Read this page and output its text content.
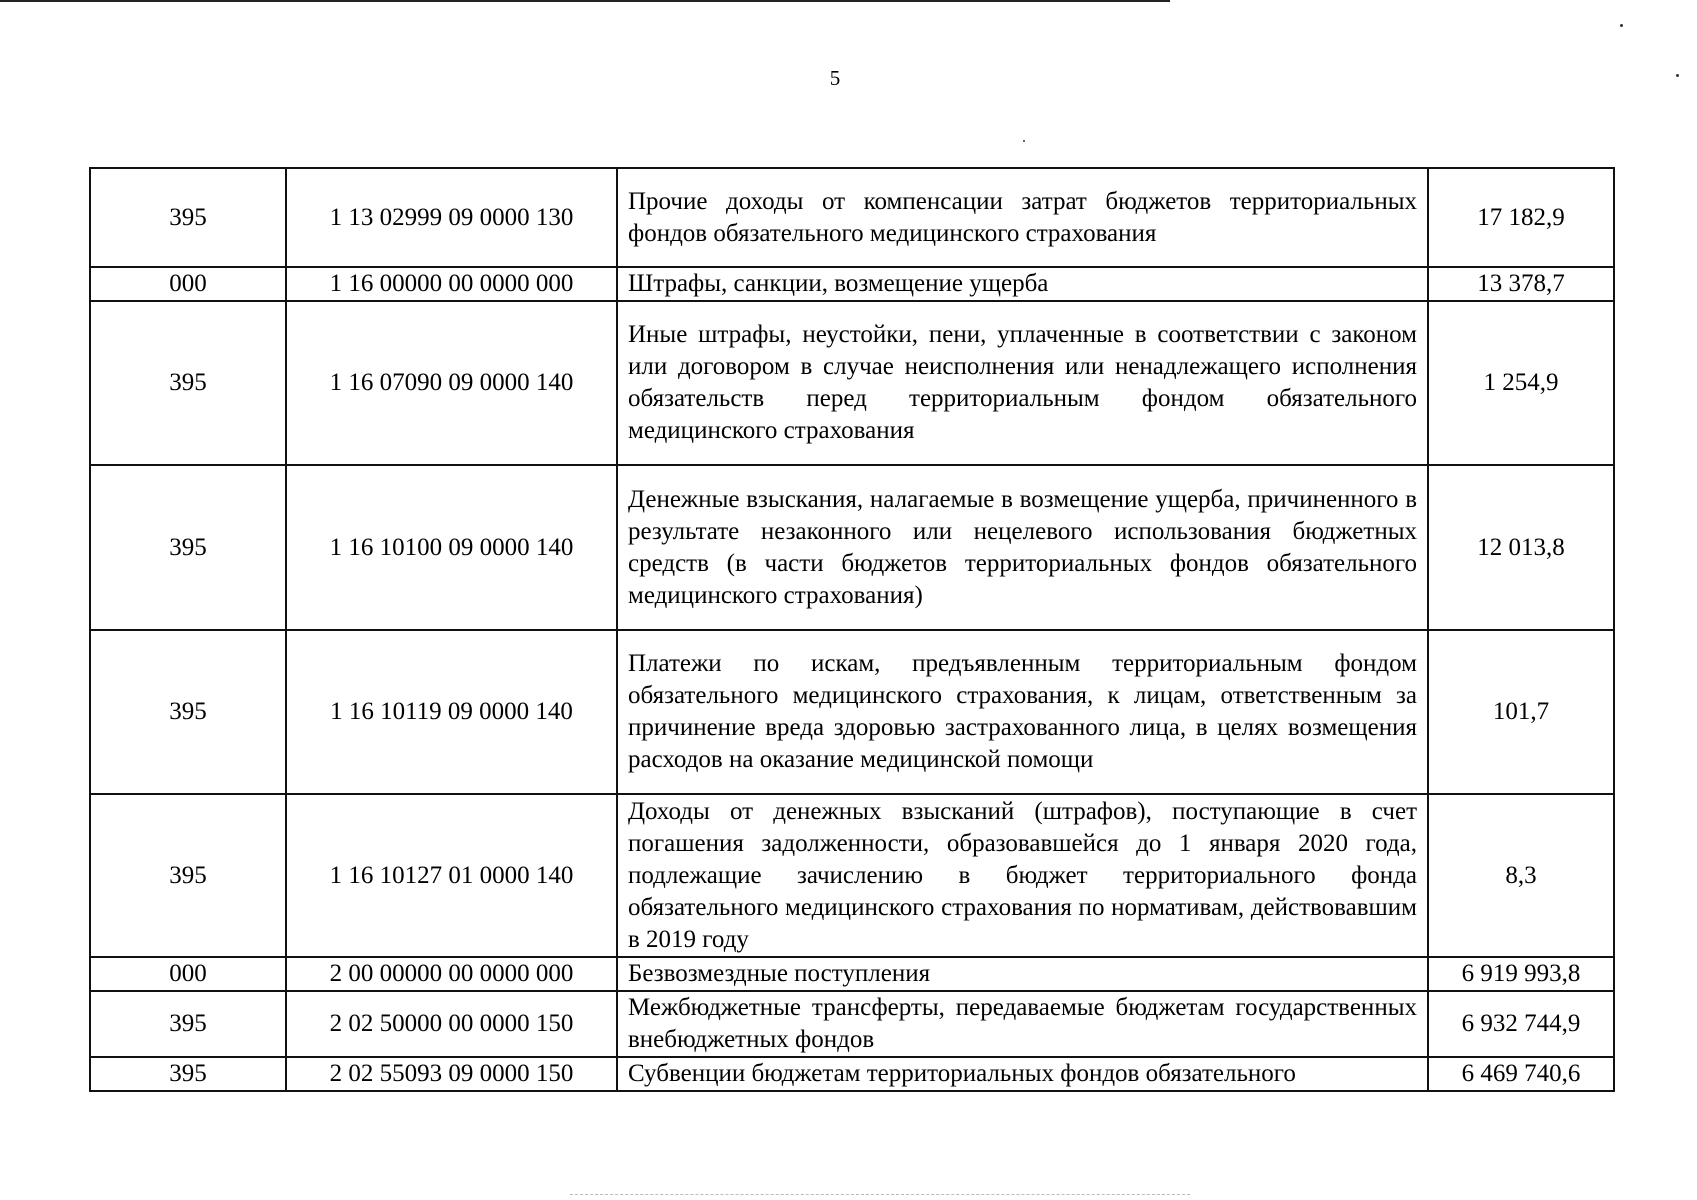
5
395	1 13 02999 09 0000 130	Прочие доходы от компенсации затрат бюджетов территориальных фондов обязательного медицинского страхования	17 182,9
000	1 16 00000 00 0000 000	Штрафы, санкции, возмещение ущерба	13 378,7
395	1 16 07090 09 0000 140	Иные штрафы, неустойки, пени, уплаченные в соответствии с законом или договором в случае неисполнения или ненадлежащего исполнения обязательств перед территориальным фондом обязательного медицинского страхования	1 254,9
395	1 16 10100 09 0000 140	Денежные взыскания, налагаемые в возмещение ущерба, причиненного в результате незаконного или нецелевого использования бюджетных средств (в части бюджетов территориальных фондов обязательного медицинского страхования)	12 013,8
395	1 16 10119 09 0000 140	Платежи по искам, предъявленным территориальным фондом обязательного медицинского страхования, к лицам, ответственным за причинение вреда здоровью застрахованного лица, в целях возмещения расходов на оказание медицинской помощи	101,7
395	1 16 10127 01 0000 140	Доходы от денежных взысканий (штрафов), поступающие в счет погашения задолженности, образовавшейся до 1 января 2020 года, подлежащие зачислению в бюджет территориального фонда обязательного медицинского страхования по нормативам, действовавшим в 2019 году	8,3
000	2 00 00000 00 0000 000	Безвозмездные поступления	6 919 993,8
395	2 02 50000 00 0000 150	Межбюджетные трансферты, передаваемые бюджетам государственных внебюджетных фондов	6 932 744,9
395	2 02 55093 09 0000 150	Субвенции бюджетам территориальных фондов обязательного	6 469 740,6
